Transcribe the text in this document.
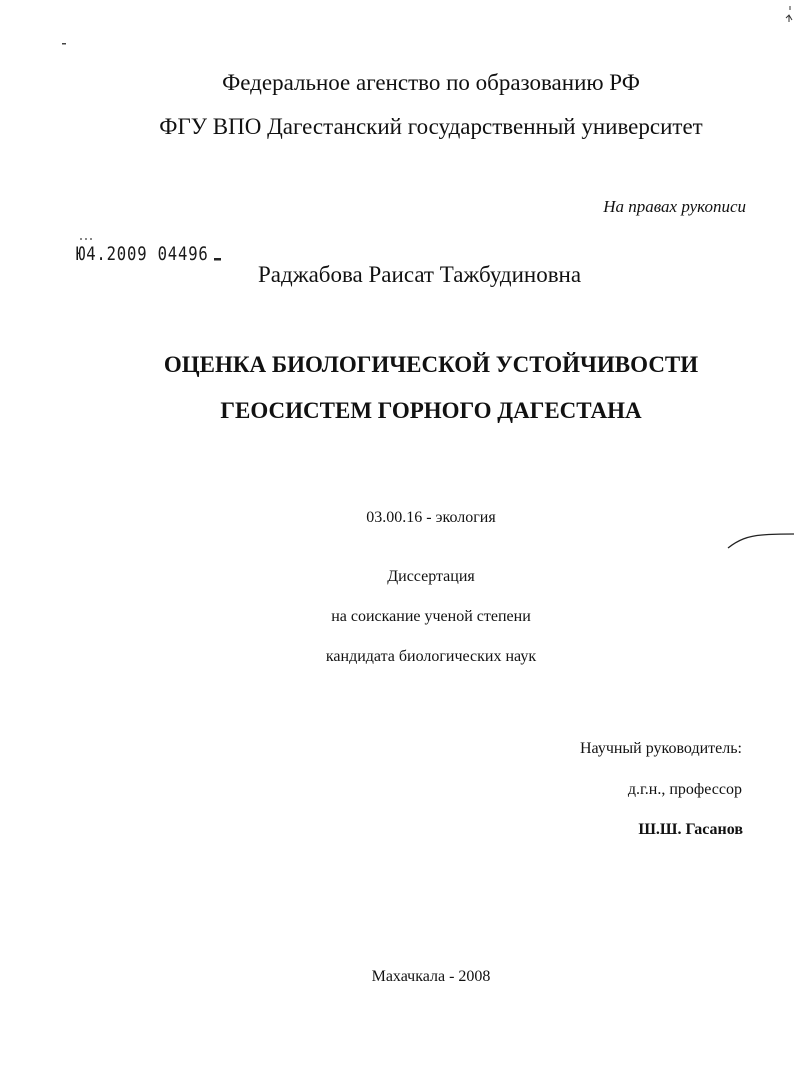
Федеральное агенство по образованию РФ
ФГУ ВПО Дагестанский государственный университет
На правах рукописи
Ю4.2009 04496
Раджабова Раисат Тажбудиновна
ОЦЕНКА БИОЛОГИЧЕСКОЙ УСТОЙЧИВОСТИ
ГЕОСИСТЕМ ГОРНОГО ДАГЕСТАНА
03.00.16 - экология
Диссертация
на соискание ученой степени
кандидата биологических наук
Научный руководитель:
д.г.н., профессор
Ш.Ш. Гасанов
Махачкала - 2008
